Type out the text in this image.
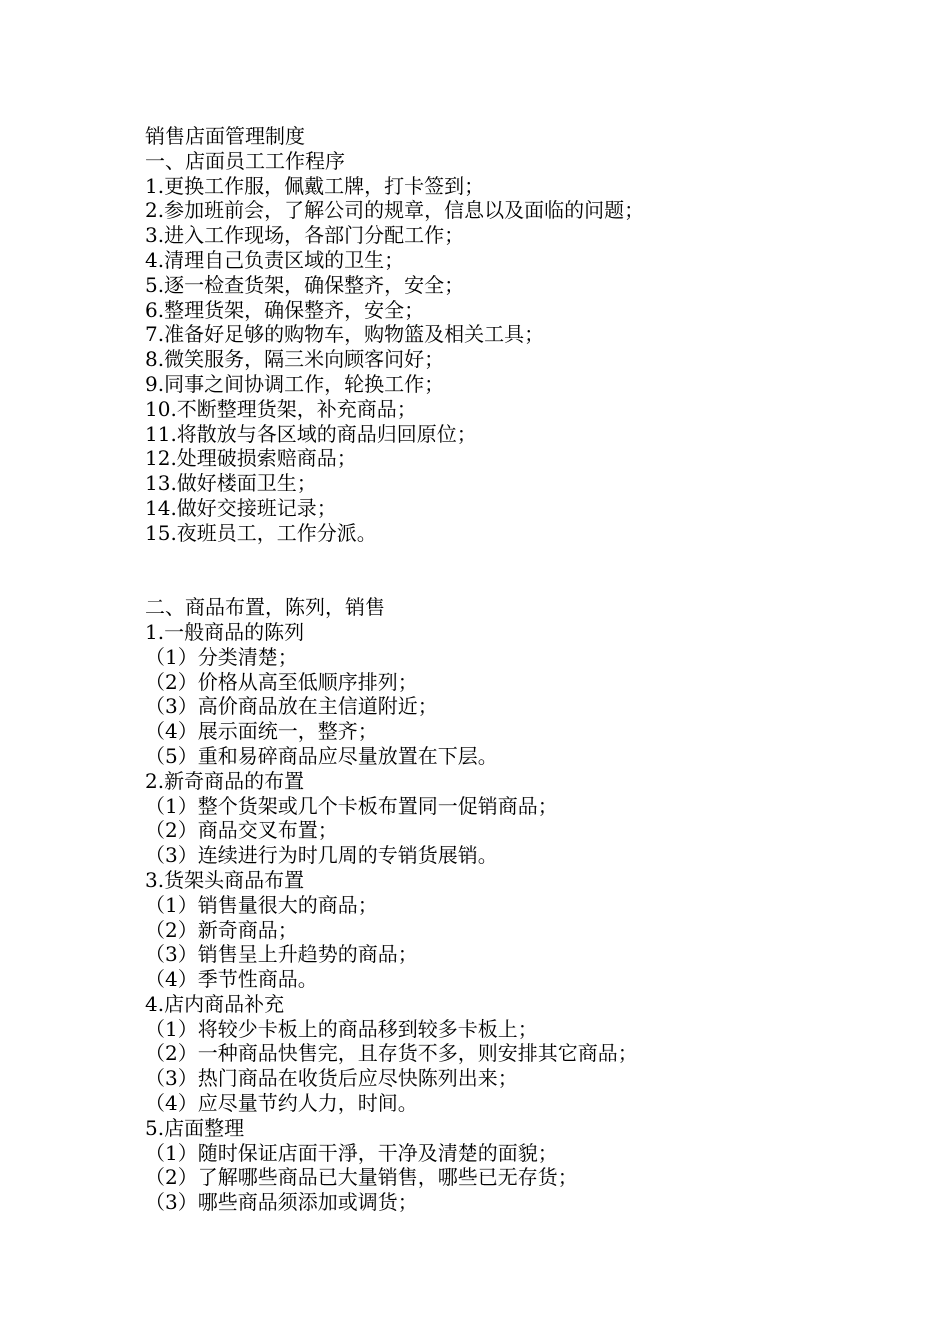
销售店面管理制度

一、店面员工工作程序

1.更换工作服，佩戴工牌，打卡签到；

2.参加班前会，了解公司的规章，信息以及面临的问题；

3.进入工作现场，各部门分配工作；

4.清理自己负责区域的卫生；

5.逐一检查货架，确保整齐，安全；

6.整理货架，确保整齐，安全；

7.准备好足够的购物车，购物篮及相关工具；

8.微笑服务，隔三米向顾客问好；

9.同事之间协调工作，轮换工作；

10.不断整理货架，补充商品；

11.将散放与各区域的商品归回原位；

12.处理破损索赔商品；

13.做好楼面卫生；

14.做好交接班记录；

15.夜班员工，工作分派。

二、商品布置，陈列，销售

1.一般商品的陈列

（1）分类清楚；

（2）价格从高至低顺序排列；

（3）高价商品放在主信道附近；

（4）展示面统一，整齐；

（5）重和易碎商品应尽量放置在下层。

2.新奇商品的布置

（1）整个货架或几个卡板布置同一促销商品；

（2）商品交叉布置；

（3）连续进行为时几周的专销货展销。

3.货架头商品布置

（1）销售量很大的商品；

（2）新奇商品；

（3）销售呈上升趋势的商品；

（4）季节性商品。

4.店内商品补充

（1）将较少卡板上的商品移到较多卡板上；

（2）一种商品快售完，且存货不多，则安排其它商品；

（3）热门商品在收货后应尽快陈列出来；

（4）应尽量节约人力，时间。

5.店面整理

（1）随时保证店面干淨，干净及清楚的面貌；

（2）了解哪些商品已大量销售，哪些已无存货；

（3）哪些商品须添加或调货；
